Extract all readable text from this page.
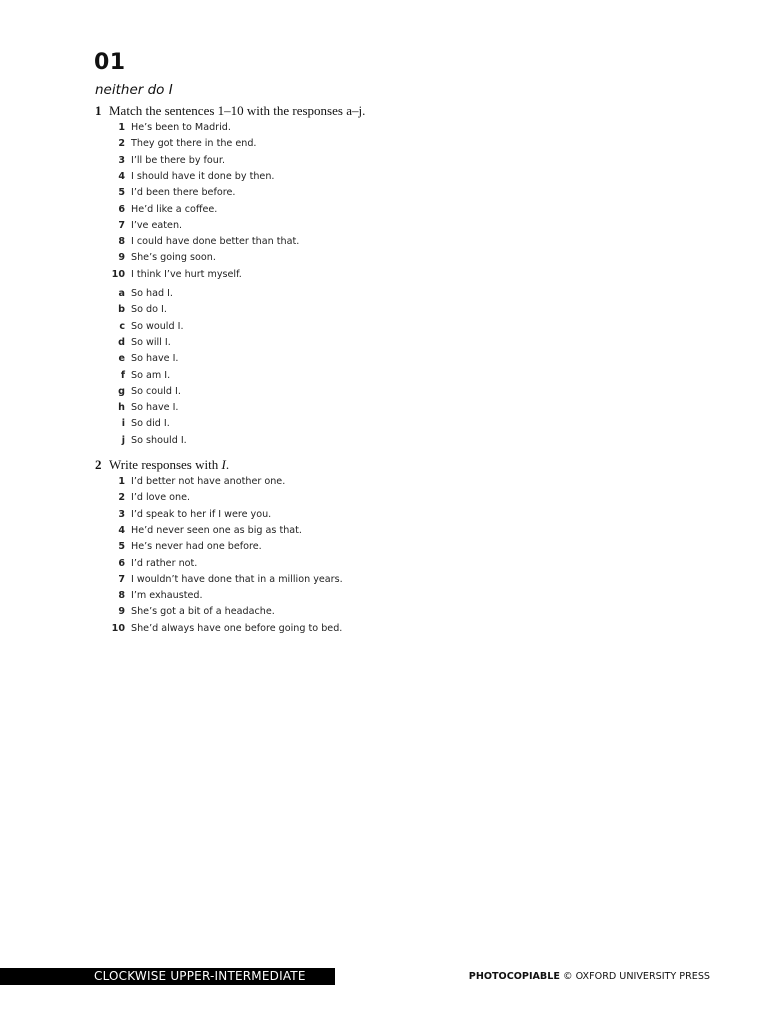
01
neither do I
1 Match the sentences 1–10 with the responses a–j.
1 He’s been to Madrid.
2 They got there in the end.
3 I’ll be there by four.
4 I should have it done by then.
5 I’d been there before.
6 He’d like a coffee.
7 I’ve eaten.
8 I could have done better than that.
9 She’s going soon.
10 I think I’ve hurt myself.
a So had I.
b So do I.
c So would I.
d So will I.
e So have I.
f So am I.
g So could I.
h So have I.
i So did I.
j So should I.
2 Write responses with I.
1 I’d better not have another one.
2 I’d love one.
3 I’d speak to her if I were you.
4 He’d never seen one as big as that.
5 He’s never had one before.
6 I’d rather not.
7 I wouldn’t have done that in a million years.
8 I’m exhausted.
9 She’s got a bit of a headache.
10 She’d always have one before going to bed.
CLOCKWISE UPPER-INTERMEDIATE	PHOTOCOPIABLE © OXFORD UNIVERSITY PRESS
